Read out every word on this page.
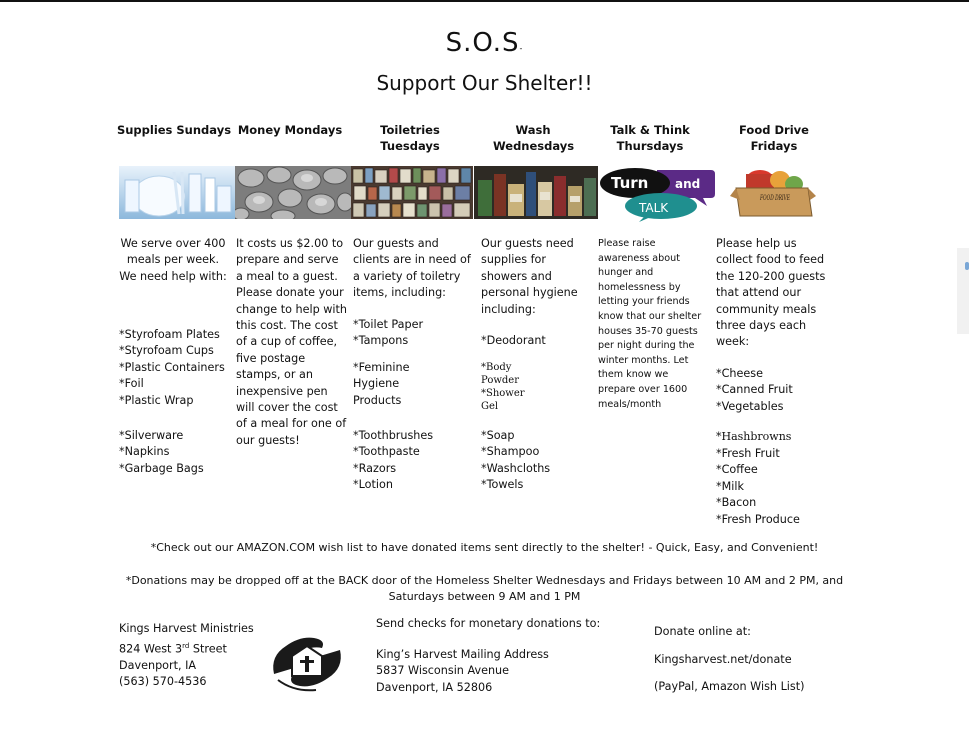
S.O.S-
Support Our Shelter!!
Supplies Sundays
We serve over 400 meals per week.
We need help with:
*Styrofoam Plates
*Styrofoam Cups
*Plastic Containers
*Foil
*Plastic Wrap
*Silverware
*Napkins
*Garbage Bags
Money Mondays
It costs us $2.00 to prepare and serve a meal to a guest. Please donate your change to help with this cost. The cost of a cup of coffee, five postage stamps, or an inexpensive pen will cover the cost of a meal for one of our guests!
Toiletries Tuesdays
Our guests and clients are in need of a variety of toiletry items, including:
*Toilet Paper
*Tampons
*Feminine Hygiene Products
*Toothbrushes
*Toothpaste
*Razors
*Lotion
Wash Wednesdays
Our guests need supplies for showers and personal hygiene including:
*Deodorant
*Body Powder
*Shower Gel
*Soap
*Shampoo
*Washcloths
*Towels
Talk & Think Thursdays
Turn and
TALK
Please raise awareness about hunger and homelessness by letting your friends know that our shelter houses 35-70 guests per night during the winter months. Let them know we prepare over 1600 meals/month
Food Drive Fridays
FOOD DRIVE
Please help us collect food to feed the 120-200 guests that attend our community meals three days each week:
*Cheese
*Canned Fruit
*Vegetables
*Hashbrowns
*Fresh Fruit
*Coffee
*Milk
*Bacon
*Fresh Produce
*Check out our AMAZON.COM wish list to have donated items sent directly to the shelter! - Quick, Easy, and Convenient!
*Donations may be dropped off at the BACK door of the Homeless Shelter Wednesdays and Fridays between 10 AM and 2 PM, and
Saturdays between 9 AM and 1 PM

Kings Harvest Ministries

824 West 3rd Street

Davenport, IA

(563) 570-4536

Send checks for monetary donations to:

King’s Harvest Mailing Address

5837 Wisconsin Avenue

Davenport, IA 52806

Donate online at:

Kingsharvest.net/donate

(PayPal, Amazon Wish List)
